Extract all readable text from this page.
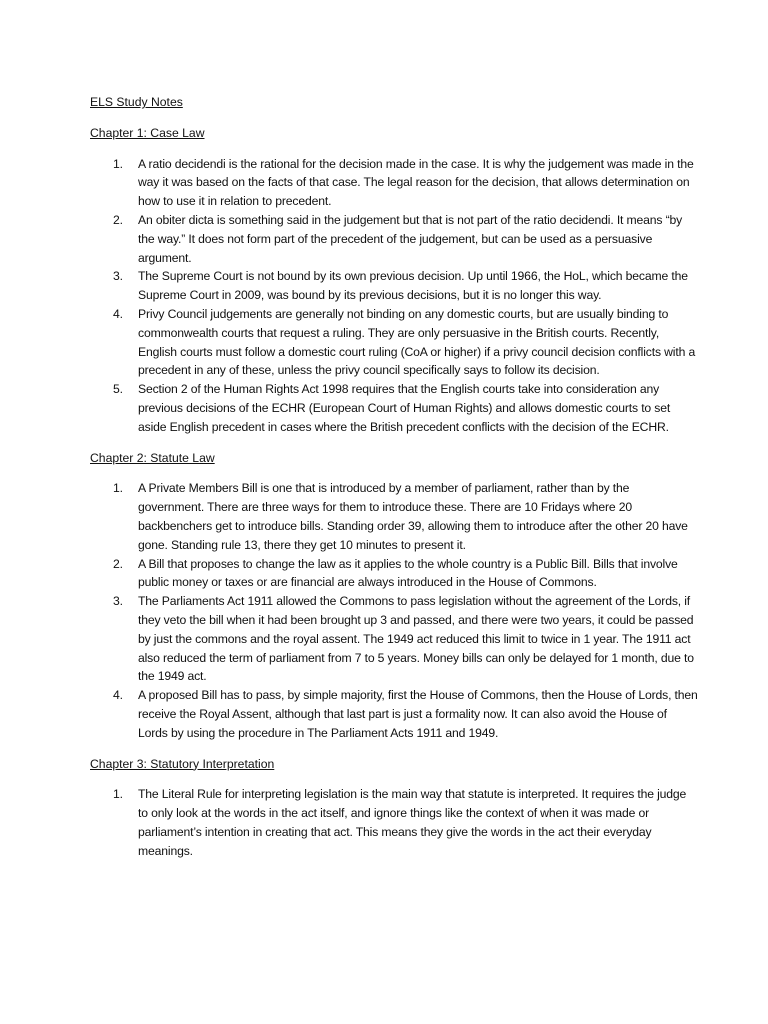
ELS Study Notes

Chapter 1: Case Law

1. A ratio decidendi is the rational for the decision made in the case. It is why the judgement was made in the way it was based on the facts of that case. The legal reason for the decision, that allows determination on how to use it in relation to precedent.
2. An obiter dicta is something said in the judgement but that is not part of the ratio decidendi. It means “by the way.” It does not form part of the precedent of the judgement, but can be used as a persuasive argument.
3. The Supreme Court is not bound by its own previous decision. Up until 1966, the HoL, which became the Supreme Court in 2009, was bound by its previous decisions, but it is no longer this way.
4. Privy Council judgements are generally not binding on any domestic courts, but are usually binding to commonwealth courts that request a ruling. They are only persuasive in the British courts. Recently, English courts must follow a domestic court ruling (CoA or higher) if a privy council decision conflicts with a precedent in any of these, unless the privy council specifically says to follow its decision.
5. Section 2 of the Human Rights Act 1998 requires that the English courts take into consideration any previous decisions of the ECHR (European Court of Human Rights) and allows domestic courts to set aside English precedent in cases where the British precedent conflicts with the decision of the ECHR.

Chapter 2: Statute Law

1. A Private Members Bill is one that is introduced by a member of parliament, rather than by the government. There are three ways for them to introduce these. There are 10 Fridays where 20 backbenchers get to introduce bills. Standing order 39, allowing them to introduce after the other 20 have gone. Standing rule 13, there they get 10 minutes to present it.
2. A Bill that proposes to change the law as it applies to the whole country is a Public Bill. Bills that involve public money or taxes or are financial are always introduced in the House of Commons.
3. The Parliaments Act 1911 allowed the Commons to pass legislation without the agreement of the Lords, if they veto the bill when it had been brought up 3 and passed, and there were two years, it could be passed by just the commons and the royal assent. The 1949 act reduced this limit to twice in 1 year. The 1911 act also reduced the term of parliament from 7 to 5 years. Money bills can only be delayed for 1 month, due to the 1949 act.
4. A proposed Bill has to pass, by simple majority, first the House of Commons, then the House of Lords, then receive the Royal Assent, although that last part is just a formality now. It can also avoid the House of Lords by using the procedure in The Parliament Acts 1911 and 1949.

Chapter 3: Statutory Interpretation

1. The Literal Rule for interpreting legislation is the main way that statute is interpreted. It requires the judge to only look at the words in the act itself, and ignore things like the context of when it was made or parliament’s intention in creating that act. This means they give the words in the act their everyday meanings.
